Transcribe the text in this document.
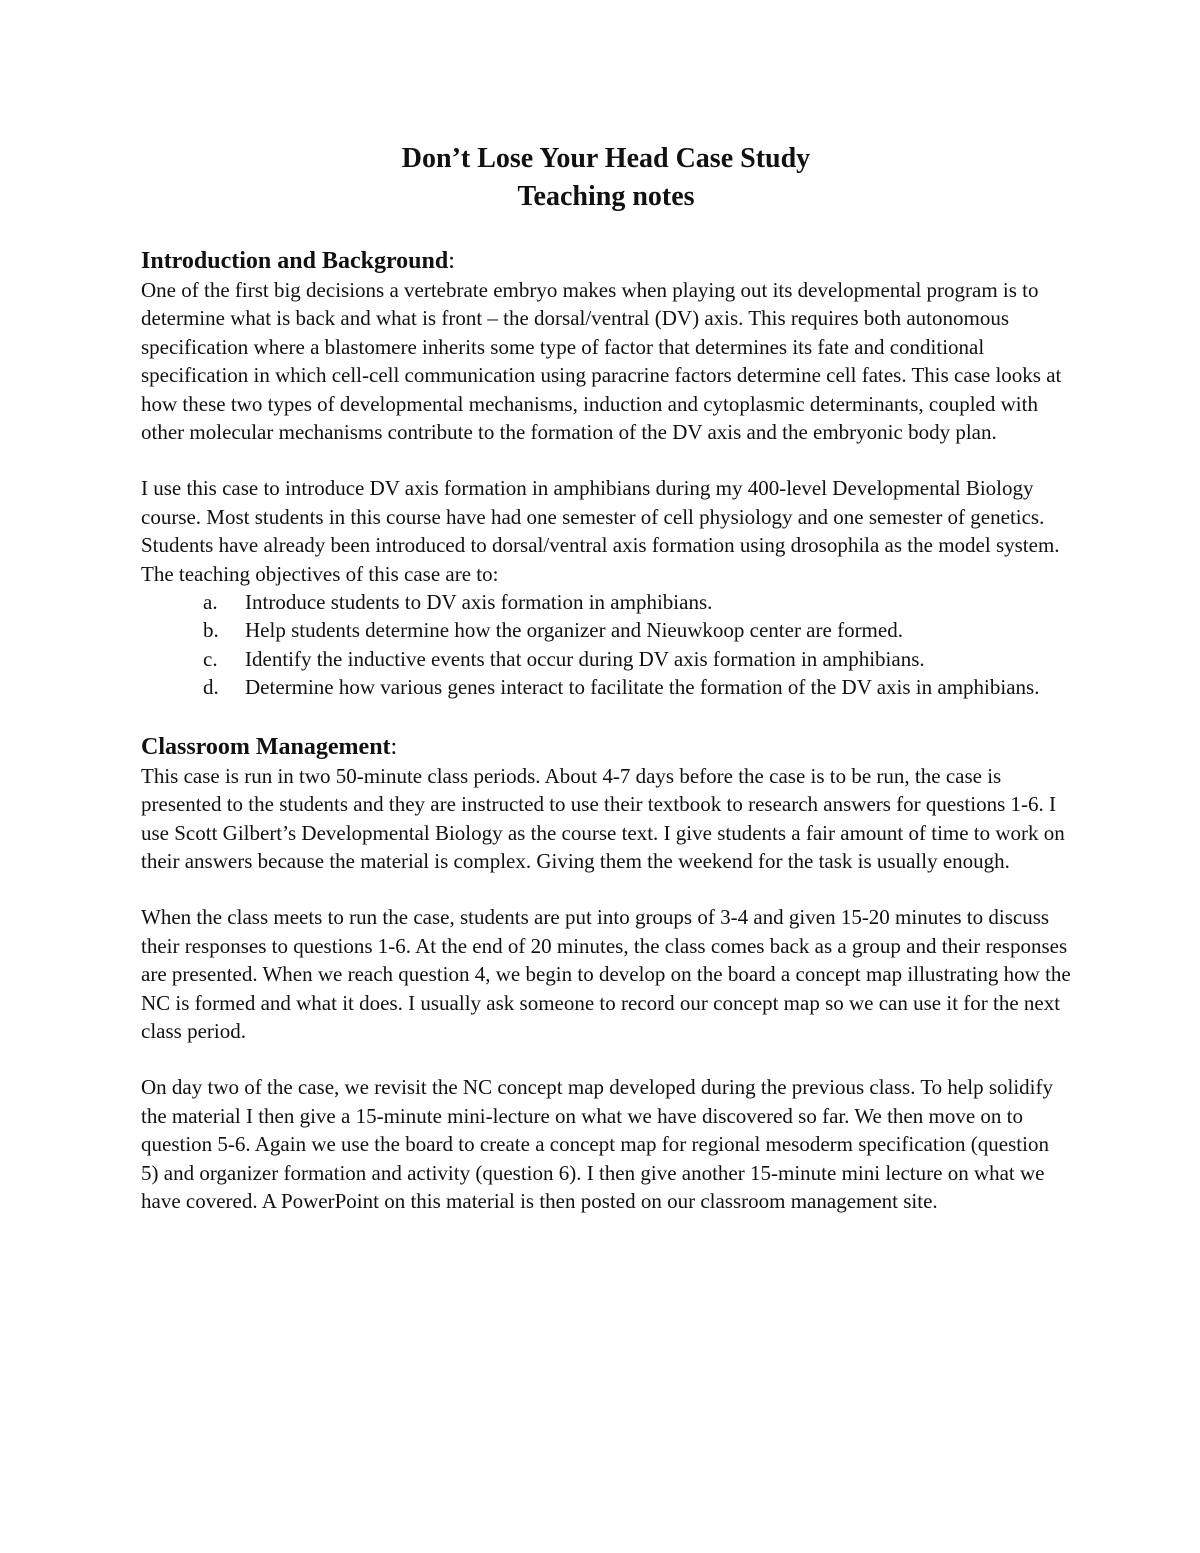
Don’t Lose Your Head Case Study
Teaching notes
Introduction and Background:

One of the first big decisions a vertebrate embryo makes when playing out its developmental program is to determine what is back and what is front – the dorsal/ventral (DV) axis. This requires both autonomous specification where a blastomere inherits some type of factor that determines its fate and conditional specification in which cell-cell communication using paracrine factors determine cell fates. This case looks at how these two types of developmental mechanisms, induction and cytoplasmic determinants, coupled with other molecular mechanisms contribute to the formation of the DV axis and the embryonic body plan.

I use this case to introduce DV axis formation in amphibians during my 400-level Developmental Biology course. Most students in this course have had one semester of cell physiology and one semester of genetics. Students have already been introduced to dorsal/ventral axis formation using drosophila as the model system. The teaching objectives of this case are to:

a. Introduce students to DV axis formation in amphibians.
b. Help students determine how the organizer and Nieuwkoop center are formed.
c. Identify the inductive events that occur during DV axis formation in amphibians.
d. Determine how various genes interact to facilitate the formation of the DV axis in amphibians.
Classroom Management:

This case is run in two 50-minute class periods. About 4-7 days before the case is to be run, the case is presented to the students and they are instructed to use their textbook to research answers for questions 1-6. I use Scott Gilbert’s Developmental Biology as the course text. I give students a fair amount of time to work on their answers because the material is complex. Giving them the weekend for the task is usually enough.

When the class meets to run the case, students are put into groups of 3-4 and given 15-20 minutes to discuss their responses to questions 1-6. At the end of 20 minutes, the class comes back as a group and their responses are presented. When we reach question 4, we begin to develop on the board a concept map illustrating how the NC is formed and what it does. I usually ask someone to record our concept map so we can use it for the next class period.

On day two of the case, we revisit the NC concept map developed during the previous class. To help solidify the material I then give a 15-minute mini-lecture on what we have discovered so far. We then move on to question 5-6. Again we use the board to create a concept map for regional mesoderm specification (question 5) and organizer formation and activity (question 6). I then give another 15-minute mini lecture on what we have covered. A PowerPoint on this material is then posted on our classroom management site.
